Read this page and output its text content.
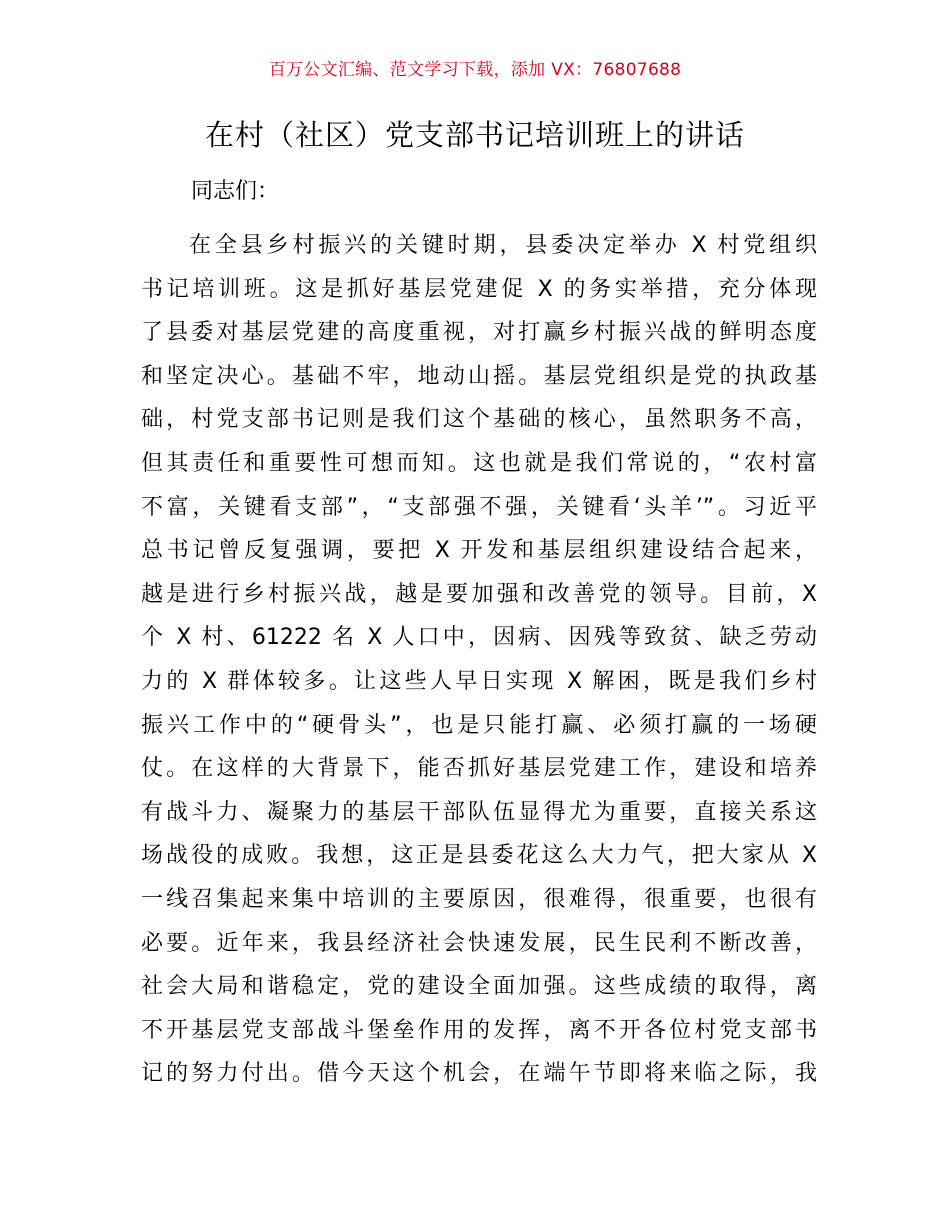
百万公文汇编、范文学习下载，添加 VX：76807688
在村（社区）党支部书记培训班上的讲话
同志们：
在全县乡村振兴的关键时期，县委决定举办 X 村党组织
书记培训班。这是抓好基层党建促 X 的务实举措，充分体现
了县委对基层党建的高度重视，对打赢乡村振兴战的鲜明态度
和坚定决心。基础不牢，地动山摇。基层党组织是党的执政基
础，村党支部书记则是我们这个基础的核心，虽然职务不高，
但其责任和重要性可想而知。这也就是我们常说的，“农村富
不富，关键看支部”，“支部强不强，关键看‘头羊’”。习近平
总书记曾反复强调，要把 X 开发和基层组织建设结合起来，
越是进行乡村振兴战，越是要加强和改善党的领导。目前，X
个 X 村、61222 名 X 人口中，因病、因残等致贫、缺乏劳动
力的 X 群体较多。让这些人早日实现 X 解困，既是我们乡村
振兴工作中的“硬骨头”，也是只能打赢、必须打赢的一场硬
仗。在这样的大背景下，能否抓好基层党建工作，建设和培养
有战斗力、凝聚力的基层干部队伍显得尤为重要，直接关系这
场战役的成败。我想，这正是县委花这么大力气，把大家从 X
一线召集起来集中培训的主要原因，很难得，很重要，也很有
必要。近年来，我县经济社会快速发展，民生民利不断改善，
社会大局和谐稳定，党的建设全面加强。这些成绩的取得，离
不开基层党支部战斗堡垒作用的发挥，离不开各位村党支部书
记的努力付出。借今天这个机会，在端午节即将来临之际，我
